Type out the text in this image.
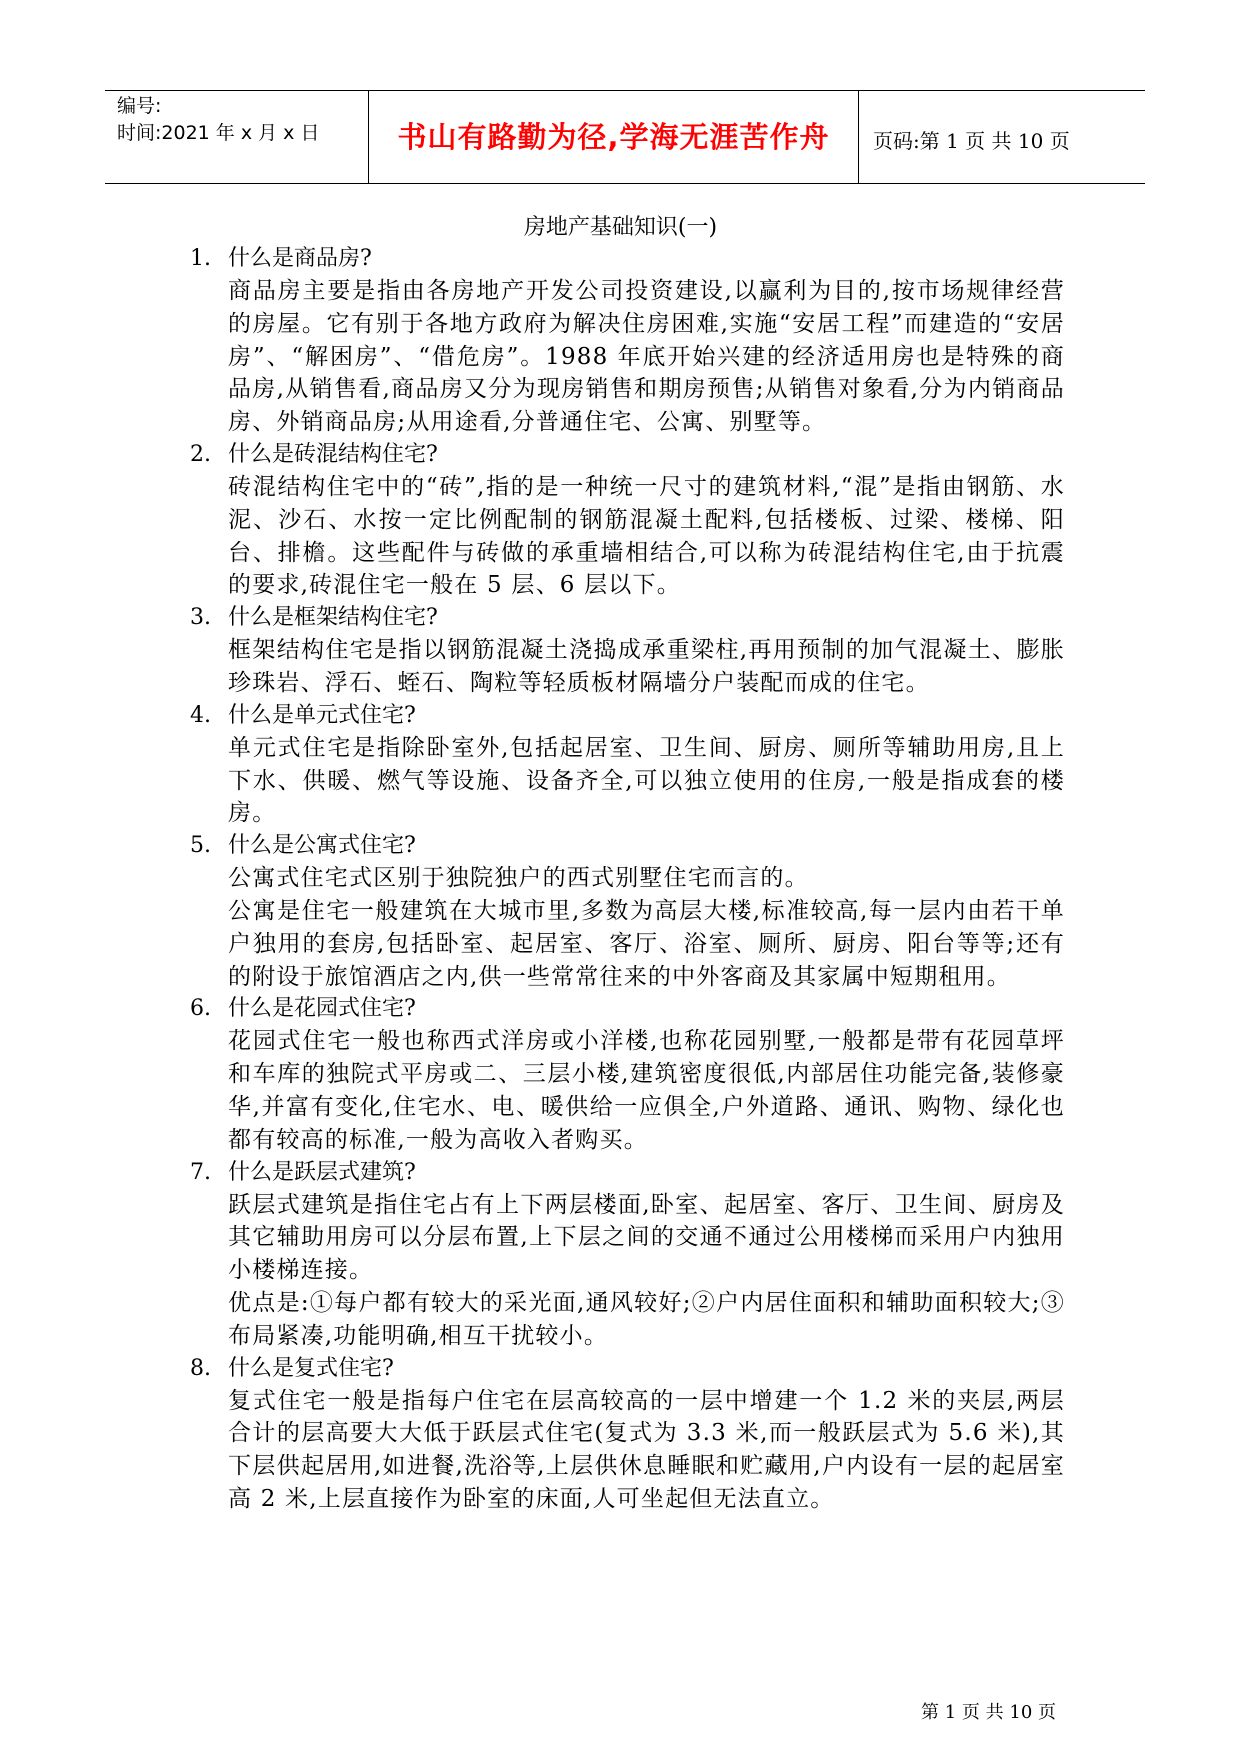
编号:
时间:2021 年 x 月 x 日	书山有路勤为径,学海无涯苦作舟	页码:第 1 页 共 10 页
房地产基础知识(一)
1. 什么是商品房?
商品房主要是指由各房地产开发公司投资建设,以赢利为目的,按市场规律经营的房屋。它有别于各地方政府为解决住房困难,实施“安居工程”而建造的“安居房”、“解困房”、“借危房”。1988 年底开始兴建的经济适用房也是特殊的商品房,从销售看,商品房又分为现房销售和期房预售;从销售对象看,分为内销商品房、外销商品房;从用途看,分普通住宅、公寓、别墅等。
2. 什么是砖混结构住宅?
砖混结构住宅中的“砖”,指的是一种统一尺寸的建筑材料,“混”是指由钢筋、水泥、沙石、水按一定比例配制的钢筋混凝土配料,包括楼板、过梁、楼梯、阳台、排檐。这些配件与砖做的承重墙相结合,可以称为砖混结构住宅,由于抗震的要求,砖混住宅一般在 5 层、6 层以下。
3. 什么是框架结构住宅?
框架结构住宅是指以钢筋混凝土浇捣成承重梁柱,再用预制的加气混凝土、膨胀珍珠岩、浮石、蛭石、陶粒等轻质板材隔墙分户装配而成的住宅。
4. 什么是单元式住宅?
单元式住宅是指除卧室外,包括起居室、卫生间、厨房、厕所等辅助用房,且上下水、供暖、燃气等设施、设备齐全,可以独立使用的住房,一般是指成套的楼房。
5. 什么是公寓式住宅?
公寓式住宅式区别于独院独户的西式别墅住宅而言的。
公寓是住宅一般建筑在大城市里,多数为高层大楼,标准较高,每一层内由若干单户独用的套房,包括卧室、起居室、客厅、浴室、厕所、厨房、阳台等等;还有的附设于旅馆酒店之内,供一些常常往来的中外客商及其家属中短期租用。
6. 什么是花园式住宅?
花园式住宅一般也称西式洋房或小洋楼,也称花园别墅,一般都是带有花园草坪和车库的独院式平房或二、三层小楼,建筑密度很低,内部居住功能完备,装修豪华,并富有变化,住宅水、电、暖供给一应俱全,户外道路、通讯、购物、绿化也都有较高的标准,一般为高收入者购买。
7. 什么是跃层式建筑?
跃层式建筑是指住宅占有上下两层楼面,卧室、起居室、客厅、卫生间、厨房及其它辅助用房可以分层布置,上下层之间的交通不通过公用楼梯而采用户内独用小楼梯连接。
优点是:①每户都有较大的采光面,通风较好;②户内居住面积和辅助面积较大;③布局紧凑,功能明确,相互干扰较小。
8. 什么是复式住宅?
复式住宅一般是指每户住宅在层高较高的一层中增建一个 1.2 米的夹层,两层合计的层高要大大低于跃层式住宅(复式为 3.3 米,而一般跃层式为 5.6 米),其下层供起居用,如进餐,洗浴等,上层供休息睡眠和贮藏用,户内设有一层的起居室高 2 米,上层直接作为卧室的床面,人可坐起但无法直立。
第 1 页 共 10 页
